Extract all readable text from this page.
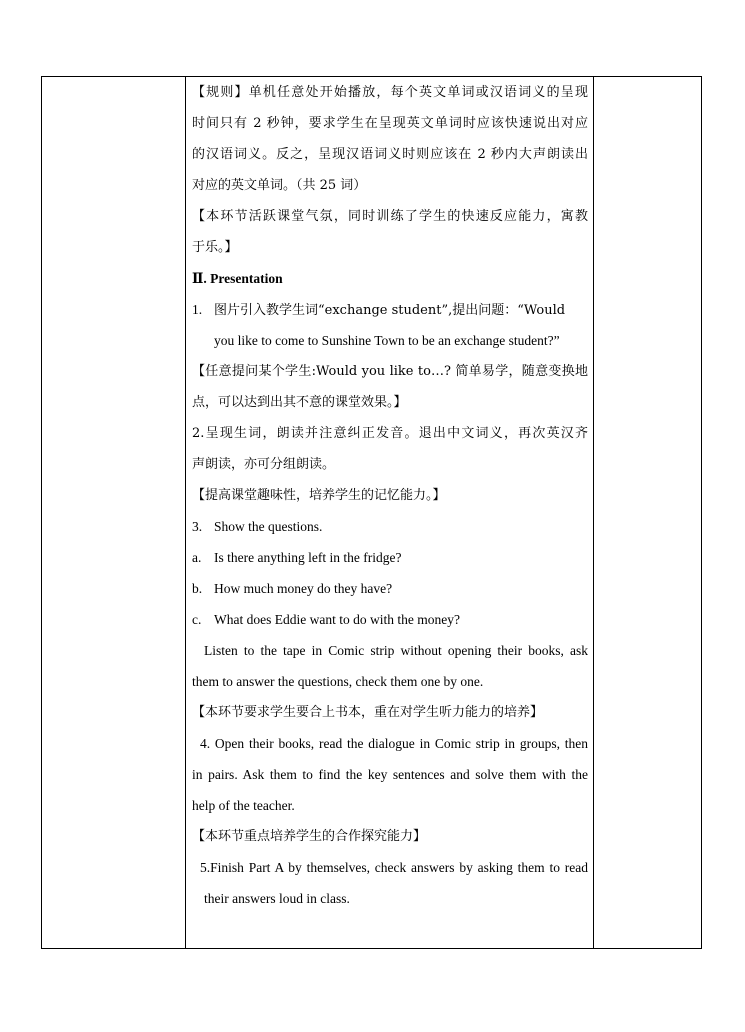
【规则】单机任意处开始播放，每个英文单词或汉语词义的呈现
时间只有 2 秒钟，要求学生在呈现英文单词时应该快速说出对应
的汉语词义。反之，呈现汉语词义时则应该在 2 秒内大声朗读出
对应的英文单词。（共 25 词）
【本环节活跃课堂气氛，同时训练了学生的快速反应能力，寓教
于乐。】
Ⅱ. Presentation
1. 图片引入教学生词“exchange student”,提出问题：“Would
you like to come to Sunshine Town to be an exchange student?”
【任意提问某个学生:Would you like to…? 简单易学，随意变换地
点，可以达到出其不意的课堂效果。】
2.呈现生词，朗读并注意纠正发音。退出中文词义，再次英汉齐
声朗读，亦可分组朗读。
【提高课堂趣味性，培养学生的记忆能力。】
3. Show the questions.
a. Is there anything left in the fridge?
b. How much money do they have?
c. What does Eddie want to do with the money?
Listen to the tape in Comic strip without opening their books, ask
them to answer the questions, check them one by one.
【本环节要求学生要合上书本，重在对学生听力能力的培养】
4. Open their books, read the dialogue in Comic strip in groups, then
in pairs. Ask them to find the key sentences and solve them with the
help of the teacher.
【本环节重点培养学生的合作探究能力】
5.Finish Part A by themselves, check answers by asking them to read
their answers loud in class.
